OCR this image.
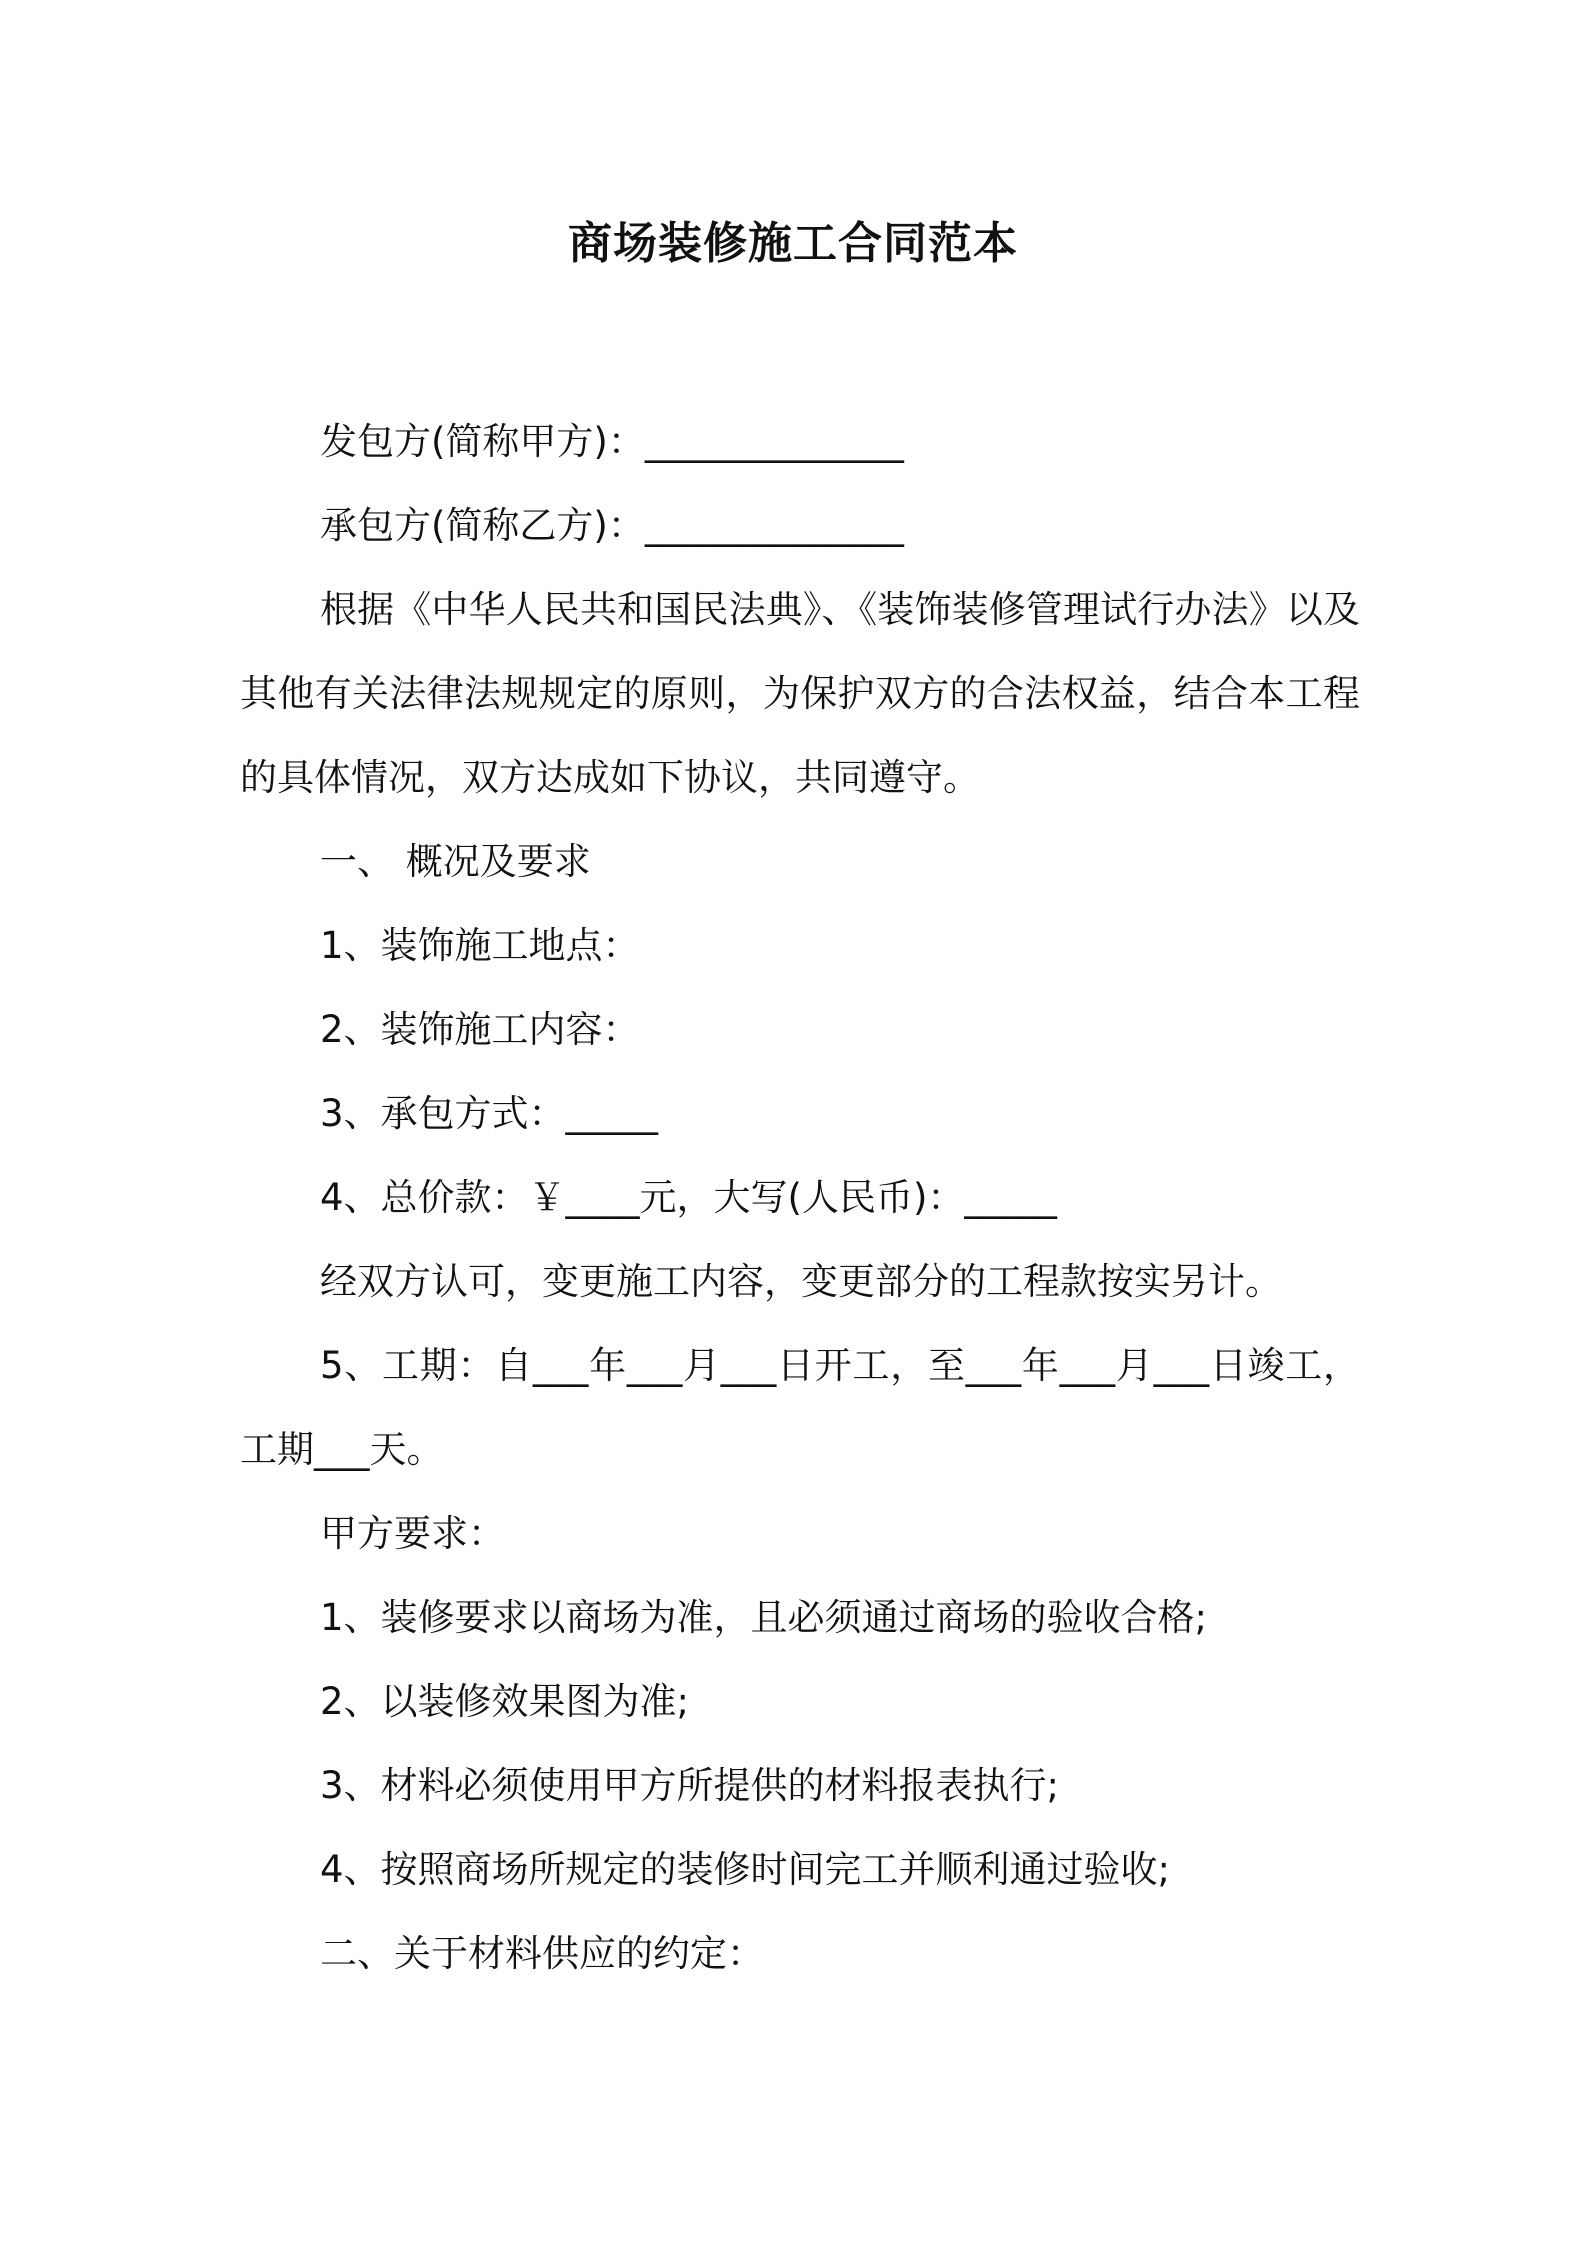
商场装修施工合同范本

发包方(简称甲方)：______________

承包方(简称乙方)：______________

根据《中华人民共和国民法典》、《装饰装修管理试行办法》以及其他有关法律法规规定的原则，为保护双方的合法权益，结合本工程的具体情况，双方达成如下协议，共同遵守。

一、 概况及要求

1、装饰施工地点：

2、装饰施工内容：

3、承包方式：_____

4、总价款：￥____元，大写(人民币)：_____

经双方认可，变更施工内容，变更部分的工程款按实另计。

5、工期：自___年___月___日开工，至___年___月___日竣工，工期___天。

甲方要求：

1、装修要求以商场为准，且必须通过商场的验收合格;

2、以装修效果图为准;

3、材料必须使用甲方所提供的材料报表执行;

4、按照商场所规定的装修时间完工并顺利通过验收;

二、关于材料供应的约定：
